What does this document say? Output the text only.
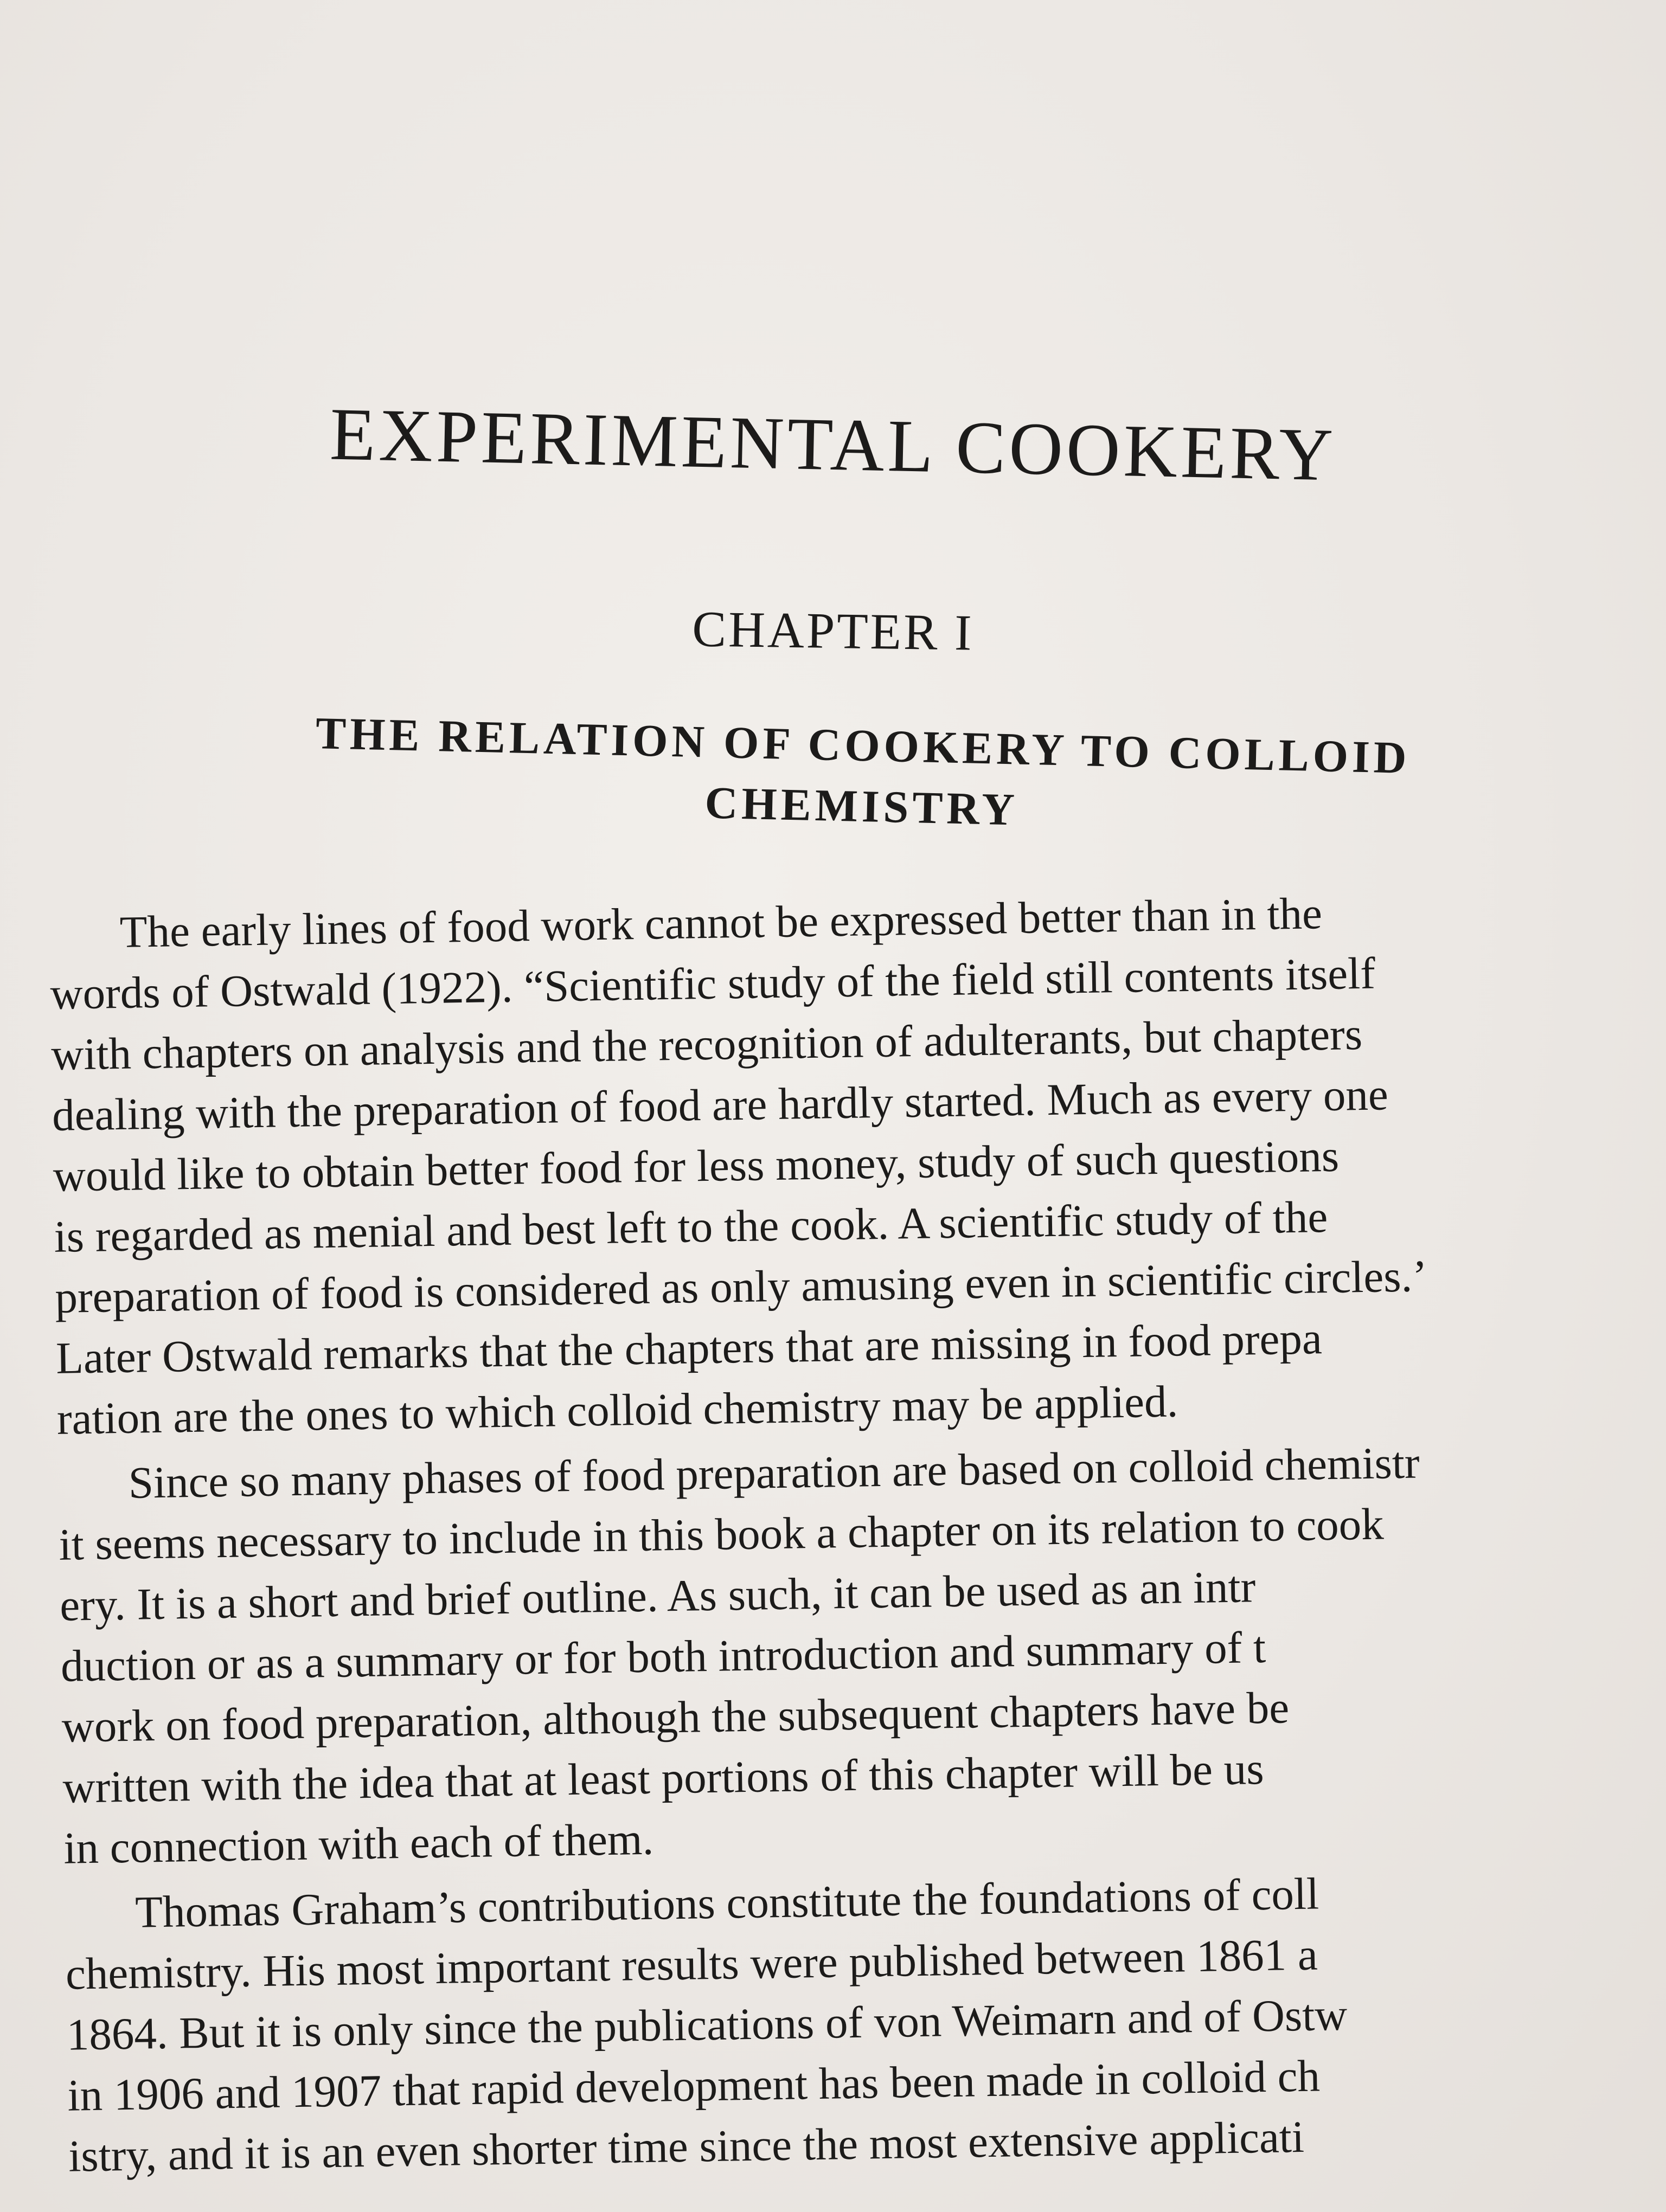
EXPERIMENTAL COOKERY
CHAPTER I
THE RELATION OF COOKERY TO COLLOID
CHEMISTRY
The early lines of food work cannot be expressed better than in the
words of Ostwald (1922). “Scientific study of the field still contents itself
with chapters on analysis and the recognition of adulterants, but chapters
dealing with the preparation of food are hardly started. Much as every one
would like to obtain better food for less money, study of such questions
is regarded as menial and best left to the cook. A scientific study of the
preparation of food is considered as only amusing even in scientific circles.’
Later Ostwald remarks that the chapters that are missing in food prepa
ration are the ones to which colloid chemistry may be applied.
Since so many phases of food preparation are based on colloid chemistr
it seems necessary to include in this book a chapter on its relation to cook
ery. It is a short and brief outline. As such, it can be used as an intr
duction or as a summary or for both introduction and summary of t
work on food preparation, although the subsequent chapters have be
written with the idea that at least portions of this chapter will be us
in connection with each of them.
Thomas Graham’s contributions constitute the foundations of coll
chemistry. His most important results were published between 1861 a
1864. But it is only since the publications of von Weimarn and of Ostw
in 1906 and 1907 that rapid development has been made in colloid ch
istry, and it is an even shorter time since the most extensive applicati
